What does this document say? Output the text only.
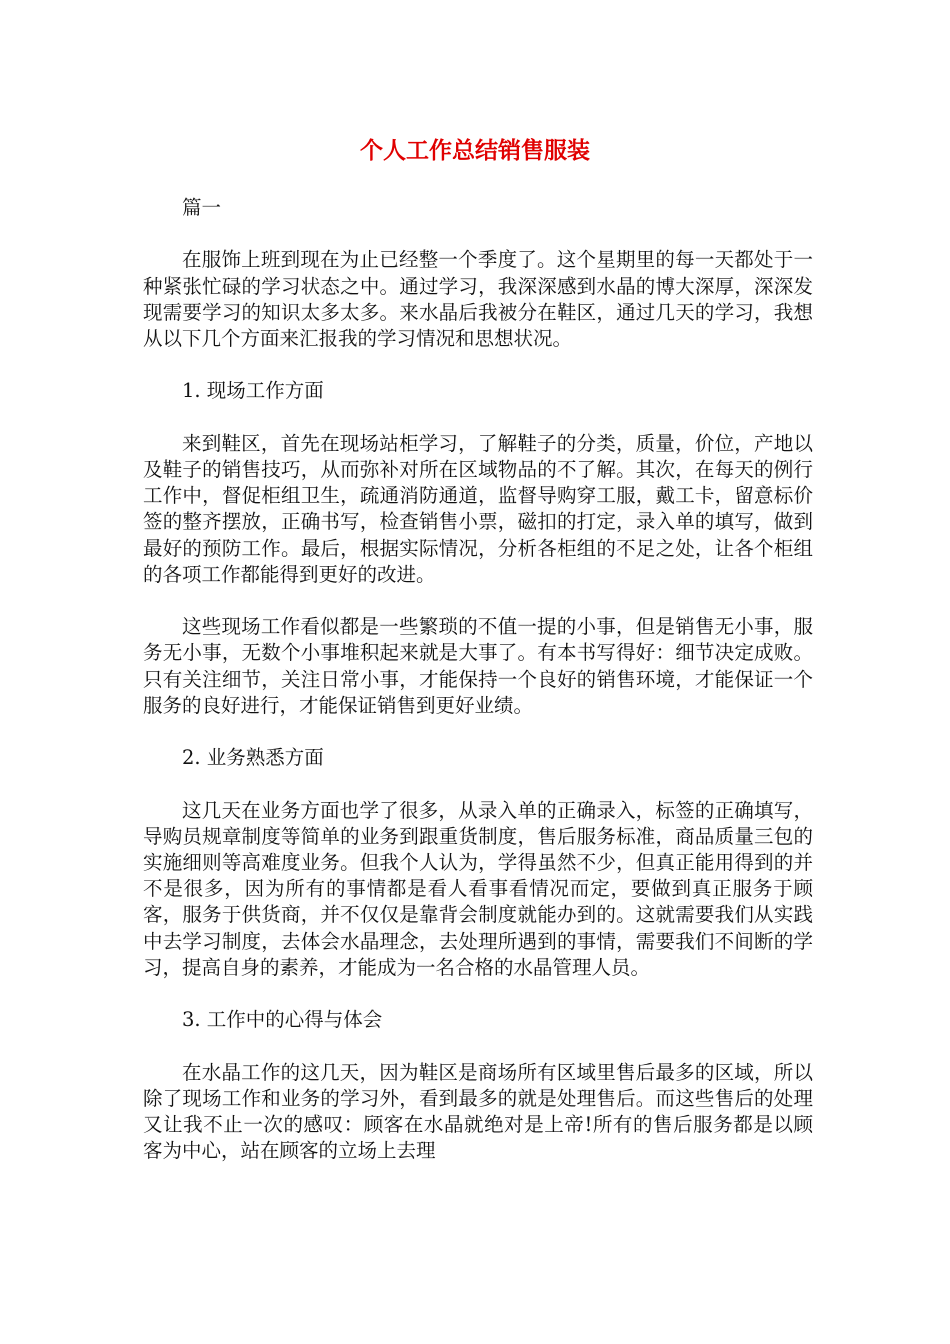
个人工作总结销售服装

篇一

在服饰上班到现在为止已经整一个季度了。这个星期里的每一天都处于一种紧张忙碌的学习状态之中。通过学习，我深深感到水晶的博大深厚，深深发现需要学习的知识太多太多。来水晶后我被分在鞋区，通过几天的学习，我想从以下几个方面来汇报我的学习情况和思想状况。

1. 现场工作方面

来到鞋区，首先在现场站柜学习，了解鞋子的分类，质量，价位，产地以及鞋子的销售技巧，从而弥补对所在区域物品的不了解。其次，在每天的例行工作中，督促柜组卫生，疏通消防通道，监督导购穿工服，戴工卡，留意标价签的整齐摆放，正确书写，检查销售小票，磁扣的打定，录入单的填写，做到最好的预防工作。最后，根据实际情况，分析各柜组的不足之处，让各个柜组的各项工作都能得到更好的改进。

这些现场工作看似都是一些繁琐的不值一提的小事，但是销售无小事，服务无小事，无数个小事堆积起来就是大事了。有本书写得好：细节决定成败。只有关注细节，关注日常小事，才能保持一个良好的销售环境，才能保证一个服务的良好进行，才能保证销售到更好业绩。

2. 业务熟悉方面

这几天在业务方面也学了很多，从录入单的正确录入，标签的正确填写，导购员规章制度等简单的业务到跟重货制度，售后服务标准，商品质量三包的实施细则等高难度业务。但我个人认为，学得虽然不少，但真正能用得到的并不是很多，因为所有的事情都是看人看事看情况而定，要做到真正服务于顾客，服务于供货商，并不仅仅是靠背会制度就能办到的。这就需要我们从实践中去学习制度，去体会水晶理念，去处理所遇到的事情，需要我们不间断的学习，提高自身的素养，才能成为一名合格的水晶管理人员。

3. 工作中的心得与体会

在水晶工作的这几天，因为鞋区是商场所有区域里售后最多的区域，所以除了现场工作和业务的学习外，看到最多的就是处理售后。而这些售后的处理又让我不止一次的感叹：顾客在水晶就绝对是上帝!所有的售后服务都是以顾客为中心，站在顾客的立场上去理
